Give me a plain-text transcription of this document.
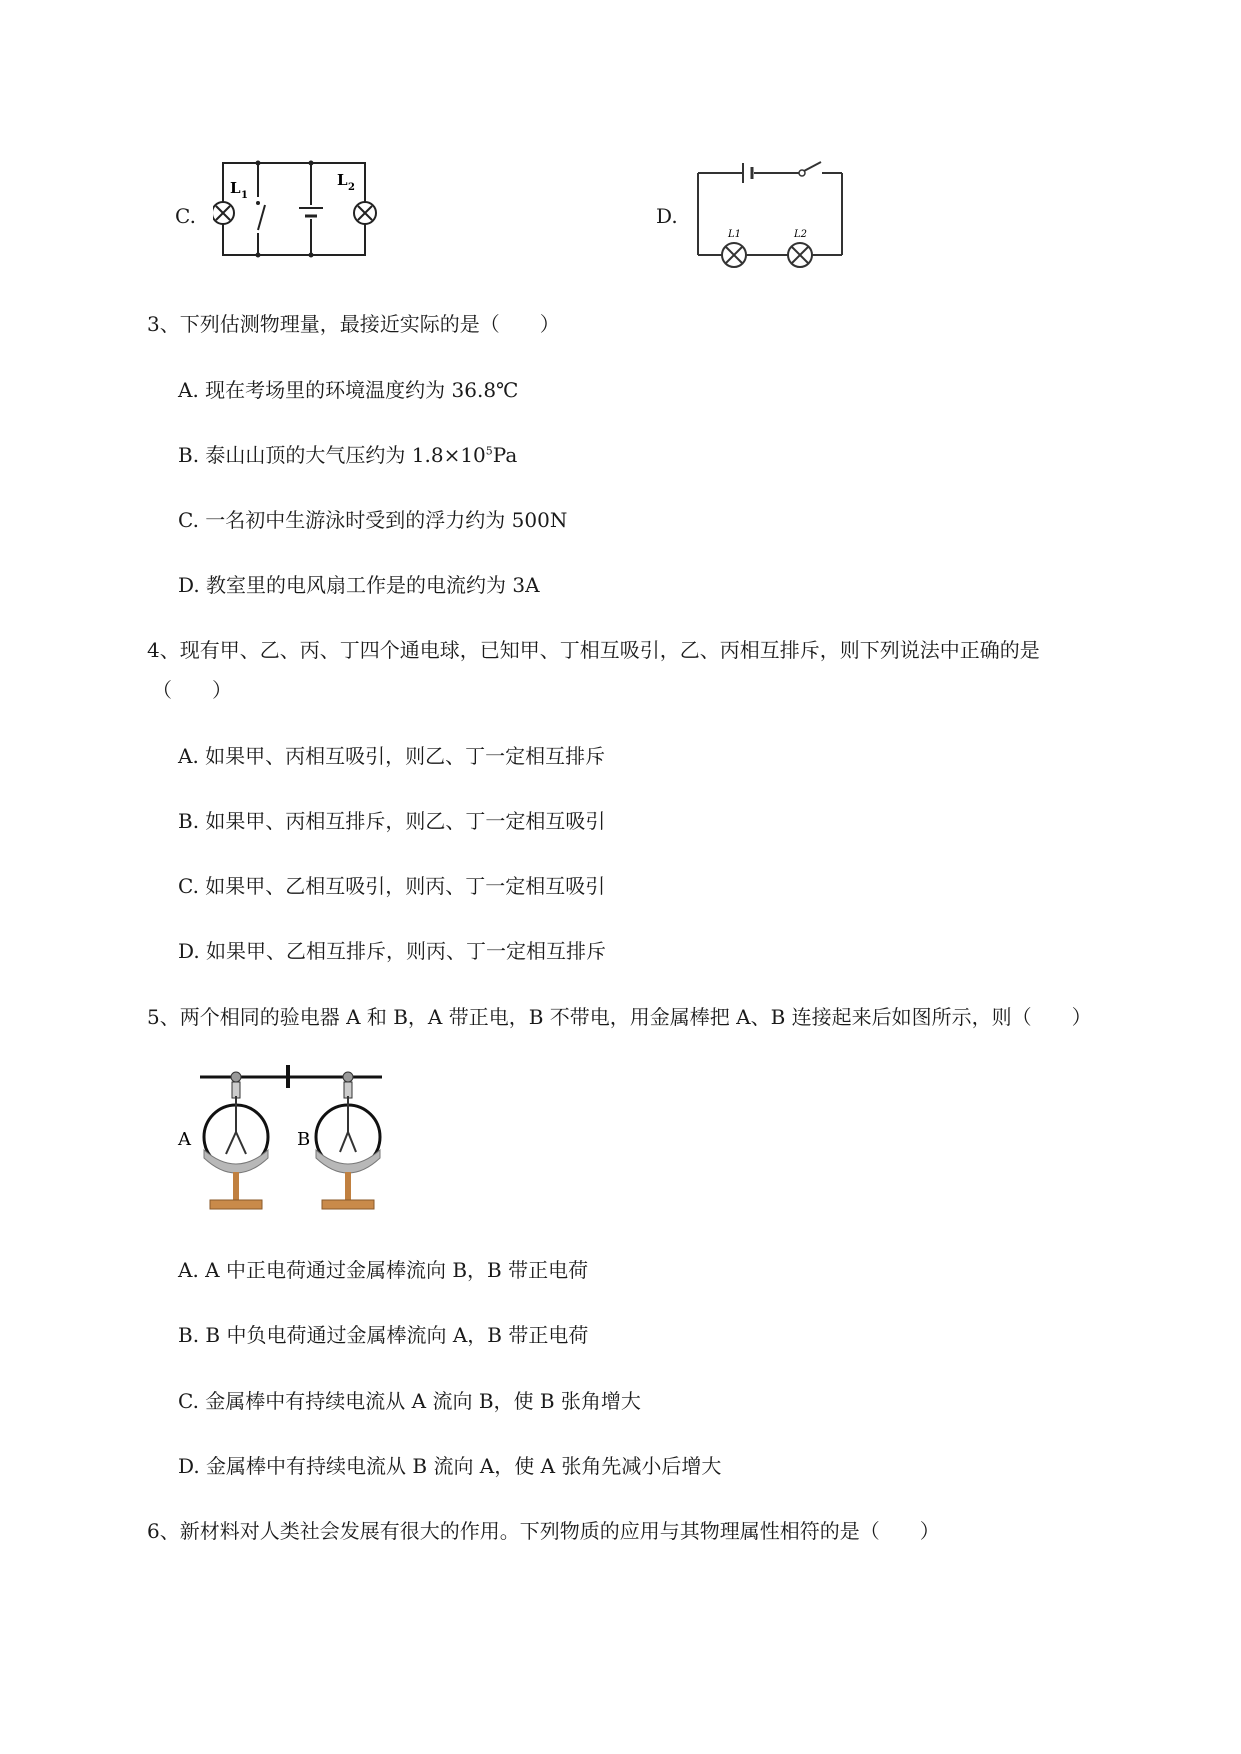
C.
L 1
L 2
D.
L1	L2
3、下列估测物理量，最接近实际的是（　　）
A. 现在考场里的环境温度约为 36.8℃
B. 泰山山顶的大气压约为 $1.8\times 10^5Pa$
C. 一名初中生游泳时受到的浮力约为 500N
D. 教室里的电风扇工作是的电流约为 3A
4、现有甲、乙、丙、丁四个通电球，已知甲、丁相互吸引，乙、丙相互排斥，则下列说法中正确的是
（　　）
A. 如果甲、丙相互吸引，则乙、丁一定相互排斥
B. 如果甲、丙相互排斥，则乙、丁一定相互吸引
C. 如果甲、乙相互吸引，则丙、丁一定相互吸引
D. 如果甲、乙相互排斥，则丙、丁一定相互排斥
5、两个相同的验电器 A 和 B，A 带正电，B 不带电，用金属棒把 A、B 连接起来后如图所示，则（　　）
A	B
A. A 中正电荷通过金属棒流向 B，B 带正电荷
B. B 中负电荷通过金属棒流向 A，B 带正电荷
C. 金属棒中有持续电流从 A 流向 B，使 B 张角增大
D. 金属棒中有持续电流从 B 流向 A，使 A 张角先减小后增大
6、新材料对人类社会发展有很大的作用。下列物质的应用与其物理属性相符的是（　　）
